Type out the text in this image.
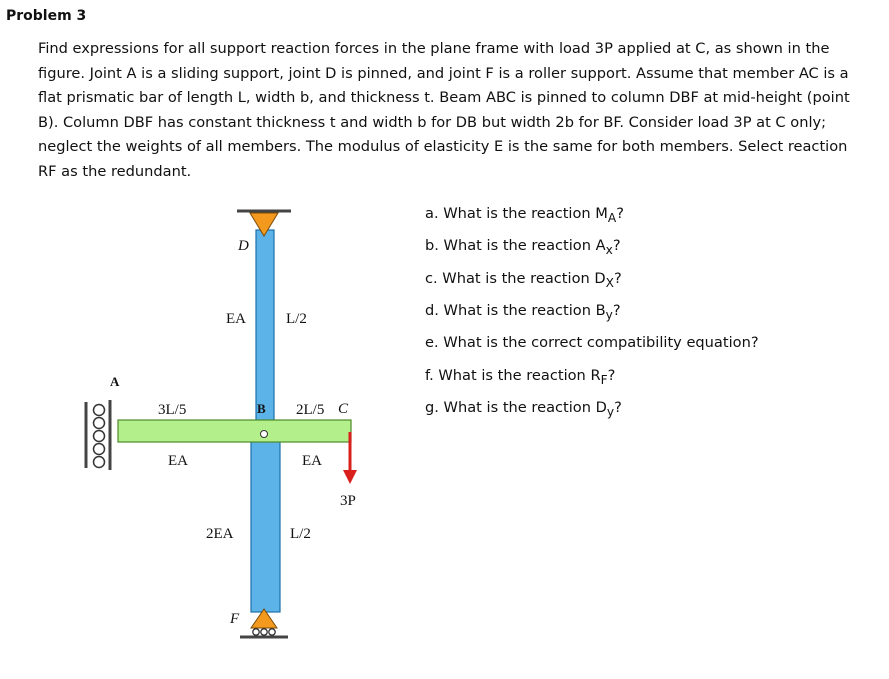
Problem 3

Find expressions for all support reaction forces in the plane frame with load 3P applied at C, as shown in the figure. Joint A is a sliding support, joint D is pinned, and joint F is a roller support. Assume that member AC is a flat prismatic bar of length L, width b, and thickness t. Beam ABC is pinned to column DBF at mid-height (point B). Column DBF has constant thickness t and width b for DB but width 2b for BF. Consider load 3P at C only; neglect the weights of all members. The modulus of elasticity E is the same for both members. Select reaction RF as the redundant.

a. What is the reaction $M_A$?
b. What is the reaction $A_x$?
c. What is the reaction $D_X$?
d. What is the reaction $B_y$?
e. What is the correct compatibility equation?
f. What is the reaction $R_F$?
g. What is the reaction $D_y$?
D
A
B	C
F
EA	L/2
3L/5	2L/5
EA	EA
3P
2EA	L/2
